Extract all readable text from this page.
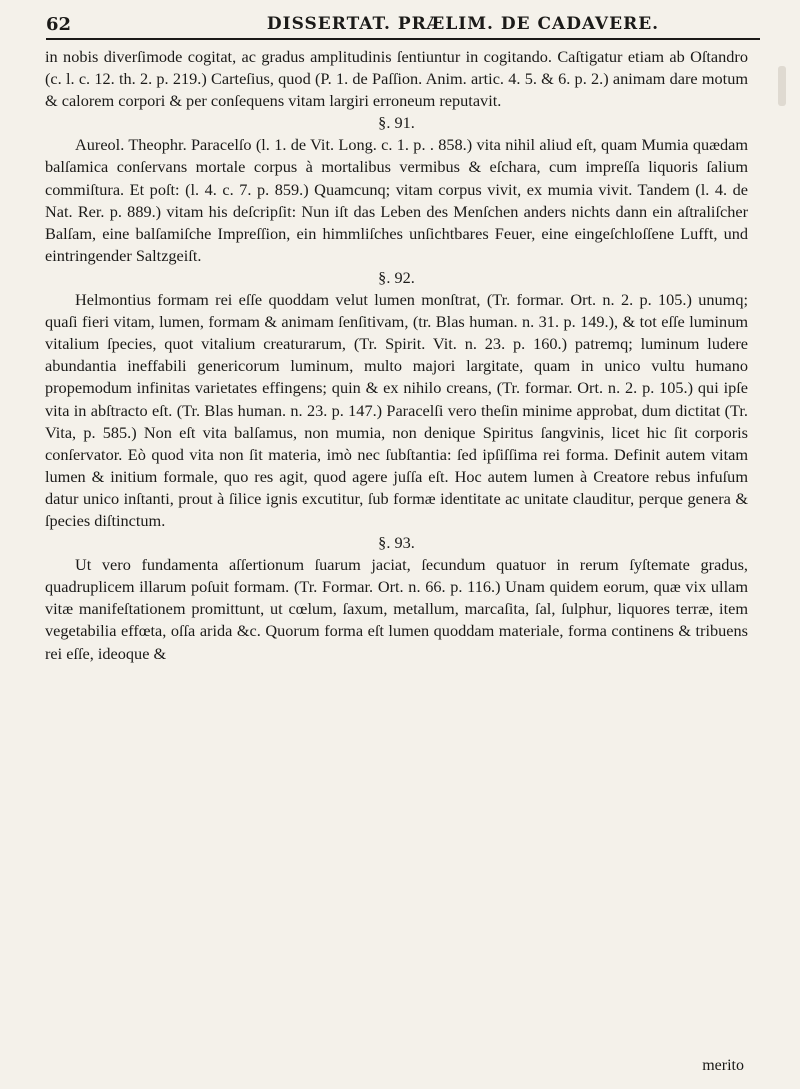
62	DISSERTAT. PRÆLIM. DE CADAVERE.

in nobis diverſimode cogitat, ac gradus amplitudinis ſentiuntur in cogitando. Caſtigatur etiam ab Oſtandro (c. l. c. 12. th. 2. p. 219.) Carteſius, quod (P. 1. de Paſſion. Anim. artic. 4. 5. & 6. p. 2.) animam dare motum & calorem corpori & per conſequens vitam largiri erroneum reputavit.

§. 91.

Aureol. Theophr. Paracelſo (l. 1. de Vit. Long. c. 1. p. . 858.) vita nihil aliud eſt, quam Mumia quædam balſamica conſervans mortale corpus à mortalibus vermibus & eſchara, cum impreſſa liquoris ſalium commiſtura. Et poſt: (l. 4. c. 7. p. 859.) Quamcunq; vitam corpus vivit, ex mumia vivit. Tandem (l. 4. de Nat. Rer. p. 889.) vitam his deſcripſit: Nun iſt das Leben des Menſchen anders nichts dann ein aſtraliſcher Balſam, eine balſamiſche Impreſſion, ein himmliſches unſichtbares Feuer, eine eingeſchloſſene Lufft, und eintringender Saltzgeiſt.

§. 92.

Helmontius formam rei eſſe quoddam velut lumen monſtrat, (Tr. formar. Ort. n. 2. p. 105.) unumq; quaſi fieri vitam, lumen, formam & animam ſenſitivam, (tr. Blas human. n. 31. p. 149.), & tot eſſe luminum vitalium ſpecies, quot vitalium creaturarum, (Tr. Spirit. Vit. n. 23. p. 160.) patremq; luminum ludere abundantia ineffabili genericorum luminum, multo majori largitate, quam in unico vultu humano propemodum infinitas varietates effingens; quin & ex nihilo creans, (Tr. formar. Ort. n. 2. p. 105.) qui ipſe vita in abſtracto eſt. (Tr. Blas human. n. 23. p. 147.) Paracelſi vero theſin minime approbat, dum dictitat (Tr. Vita, p. 585.) Non eſt vita balſamus, non mumia, non denique Spiritus ſangvinis, licet hic ſit corporis conſervator. Eò quod vita non ſit materia, imò nec ſubſtantia: ſed ipſiſſima rei forma. Definit autem vitam lumen & initium formale, quo res agit, quod agere juſſa eſt. Hoc autem lumen à Creatore rebus infuſum datur unico inſtanti, prout à ſilice ignis excutitur, ſub formæ identitate ac unitate clauditur, perque genera & ſpecies diſtinctum.

§. 93.

Ut vero fundamenta aſſertionum ſuarum jaciat, ſecundum quatuor in rerum ſyſtemate gradus, quadruplicem illarum poſuit formam. (Tr. Formar. Ort. n. 66. p. 116.) Unam quidem eorum, quæ vix ullam vitæ manifeſtationem promittunt, ut cœlum, ſaxum, metallum, marcaſita, ſal, ſulphur, liquores terræ, item vegetabilia effœta, oſſa arida &c. Quorum forma eſt lumen quoddam materiale, forma continens & tribuens rei eſſe, ideoque &

merito
